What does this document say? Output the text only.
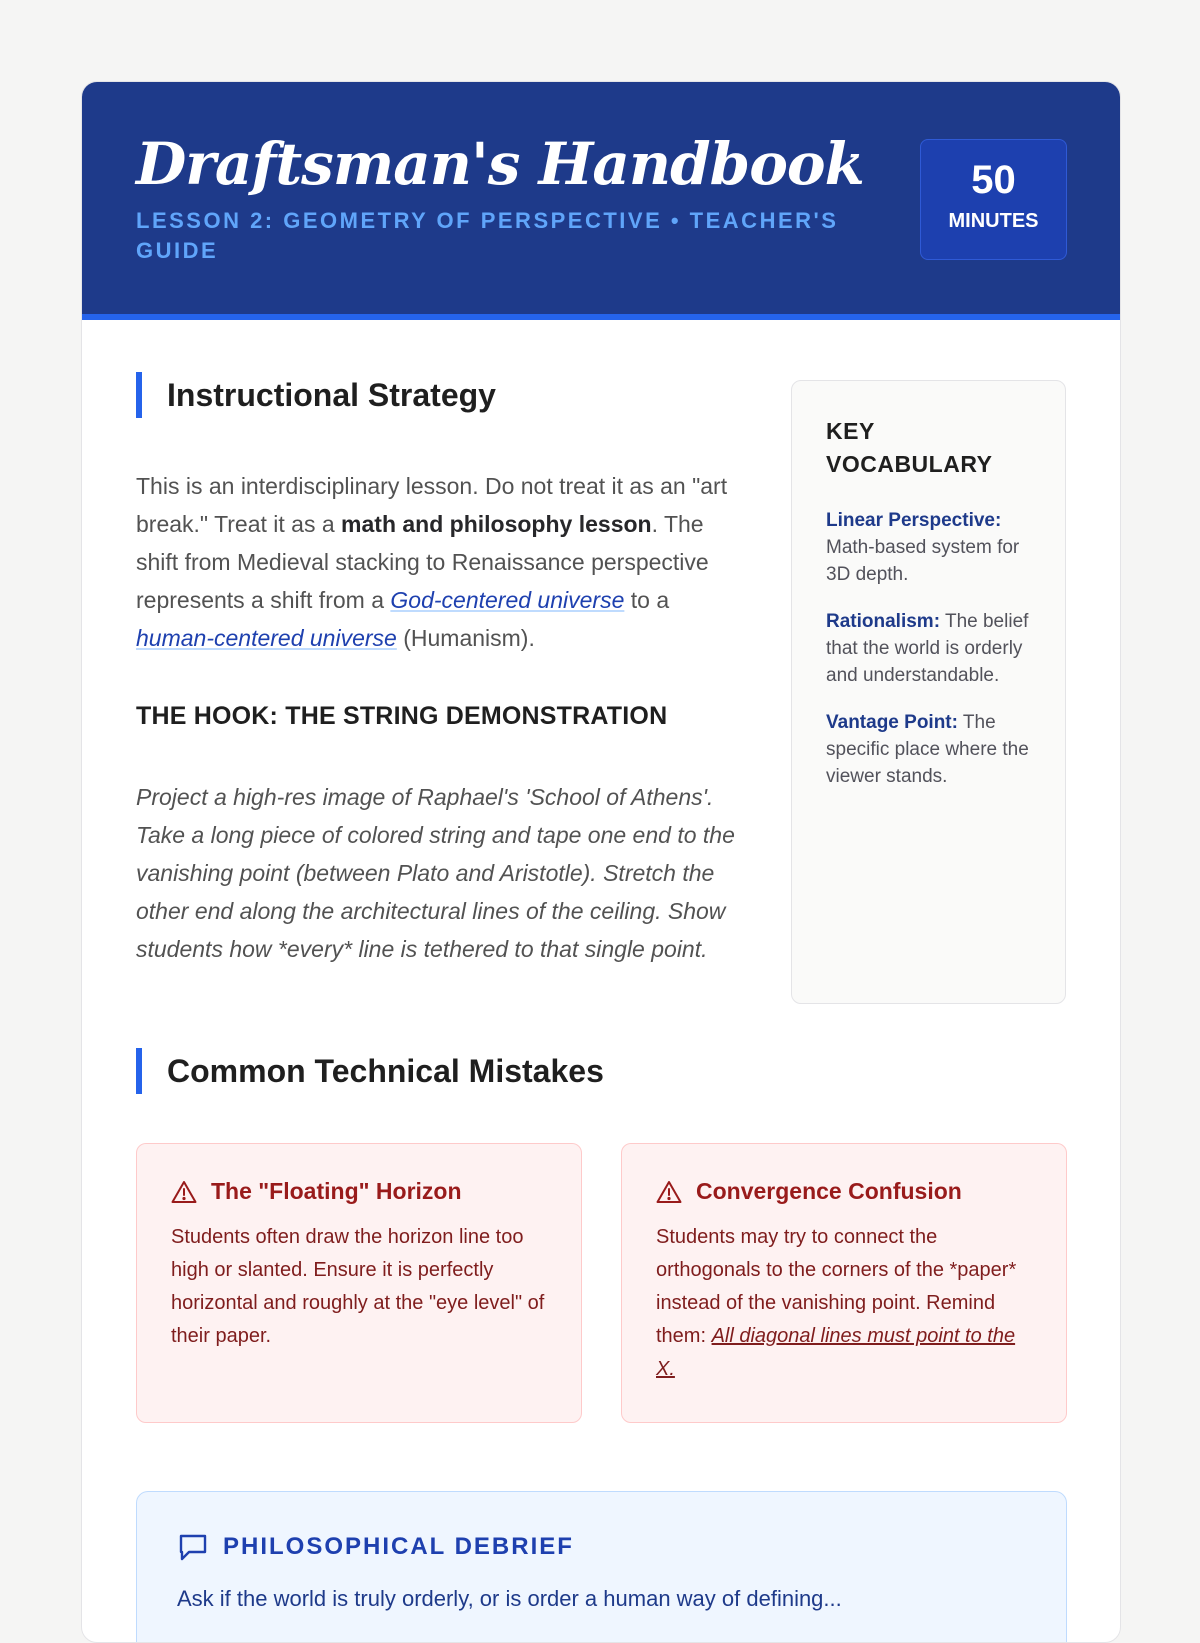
Draftsman's Handbook
LESSON 2: GEOMETRY OF PERSPECTIVE • TEACHER'S GUIDE
50
MINUTES
Instructional Strategy

This is an interdisciplinary lesson. Do not treat it as an "art break." Treat it as a math and philosophy lesson. The shift from Medieval stacking to Renaissance perspective represents a shift from a God-centered universe to a human-centered universe (Humanism).

THE HOOK: THE STRING DEMONSTRATION

Project a high-res image of Raphael's 'School of Athens'. Take a long piece of colored string and tape one end to the vanishing point (between Plato and Aristotle). Stretch the other end along the architectural lines of the ceiling. Show students how *every* line is tethered to that single point.

KEY VOCABULARY

Linear Perspective: Math-based system for 3D depth.

Rationalism: The belief that the world is orderly and understandable.

Vantage Point: The specific place where the viewer stands.

Common Technical Mistakes
The "Floating" Horizon

Students often draw the horizon line too high or slanted. Ensure it is perfectly horizontal and roughly at the "eye level" of their paper.

Convergence Confusion

Students may try to connect the orthogonals to the corners of the *paper* instead of the vanishing point. Remind them: All diagonal lines must point to the X.

PHILOSOPHICAL DEBRIEF

Ask if the world is truly orderly, or is order a human way of defining...
